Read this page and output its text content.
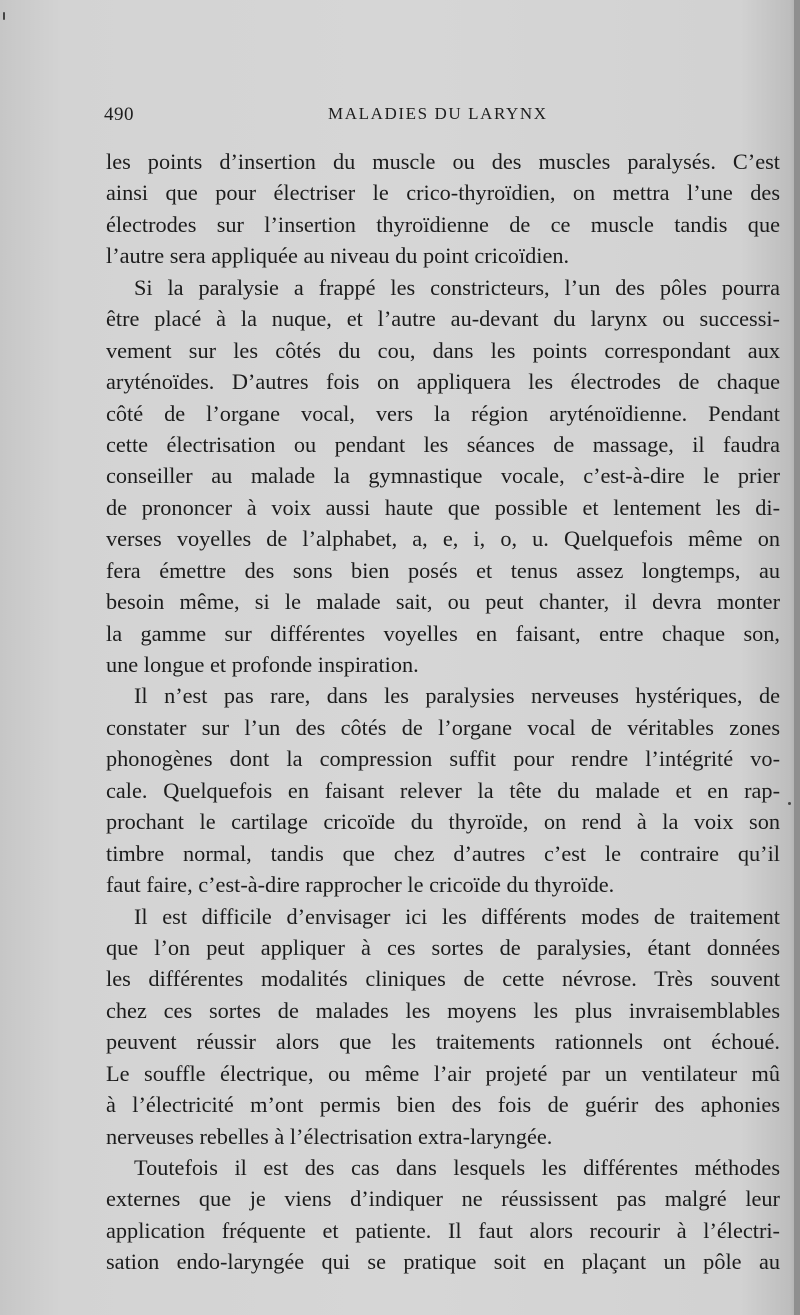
490	MALADIES DU LARYNX
les points d’insertion du muscle ou des muscles paralysés. C’est
ainsi que pour électriser le crico-thyroïdien, on mettra l’une des
électrodes sur l’insertion thyroïdienne de ce muscle tandis que
l’autre sera appliquée au niveau du point cricoïdien.
Si la paralysie a frappé les constricteurs, l’un des pôles pourra
être placé à la nuque, et l’autre au-devant du larynx ou successi-
vement sur les côtés du cou, dans les points correspondant aux
aryténoïdes. D’autres fois on appliquera les électrodes de chaque
côté de l’organe vocal, vers la région aryténoïdienne. Pendant
cette électrisation ou pendant les séances de massage, il faudra
conseiller au malade la gymnastique vocale, c’est-à-dire le prier
de prononcer à voix aussi haute que possible et lentement les di-
verses voyelles de l’alphabet, a, e, i, o, u. Quelquefois même on
fera émettre des sons bien posés et tenus assez longtemps, au
besoin même, si le malade sait, ou peut chanter, il devra monter
la gamme sur différentes voyelles en faisant, entre chaque son,
une longue et profonde inspiration.
Il n’est pas rare, dans les paralysies nerveuses hystériques, de
constater sur l’un des côtés de l’organe vocal de véritables zones
phonogènes dont la compression suffit pour rendre l’intégrité vo-
cale. Quelquefois en faisant relever la tête du malade et en rap-
prochant le cartilage cricoïde du thyroïde, on rend à la voix son
timbre normal, tandis que chez d’autres c’est le contraire qu’il
faut faire, c’est-à-dire rapprocher le cricoïde du thyroïde.
Il est difficile d’envisager ici les différents modes de traitement
que l’on peut appliquer à ces sortes de paralysies, étant données
les différentes modalités cliniques de cette névrose. Très souvent
chez ces sortes de malades les moyens les plus invraisemblables
peuvent réussir alors que les traitements rationnels ont échoué.
Le souffle électrique, ou même l’air projeté par un ventilateur mû
à l’électricité m’ont permis bien des fois de guérir des aphonies
nerveuses rebelles à l’électrisation extra-laryngée.
Toutefois il est des cas dans lesquels les différentes méthodes
externes que je viens d’indiquer ne réussissent pas malgré leur
application fréquente et patiente. Il faut alors recourir à l’électri-
sation endo-laryngée qui se pratique soit en plaçant un pôle au
